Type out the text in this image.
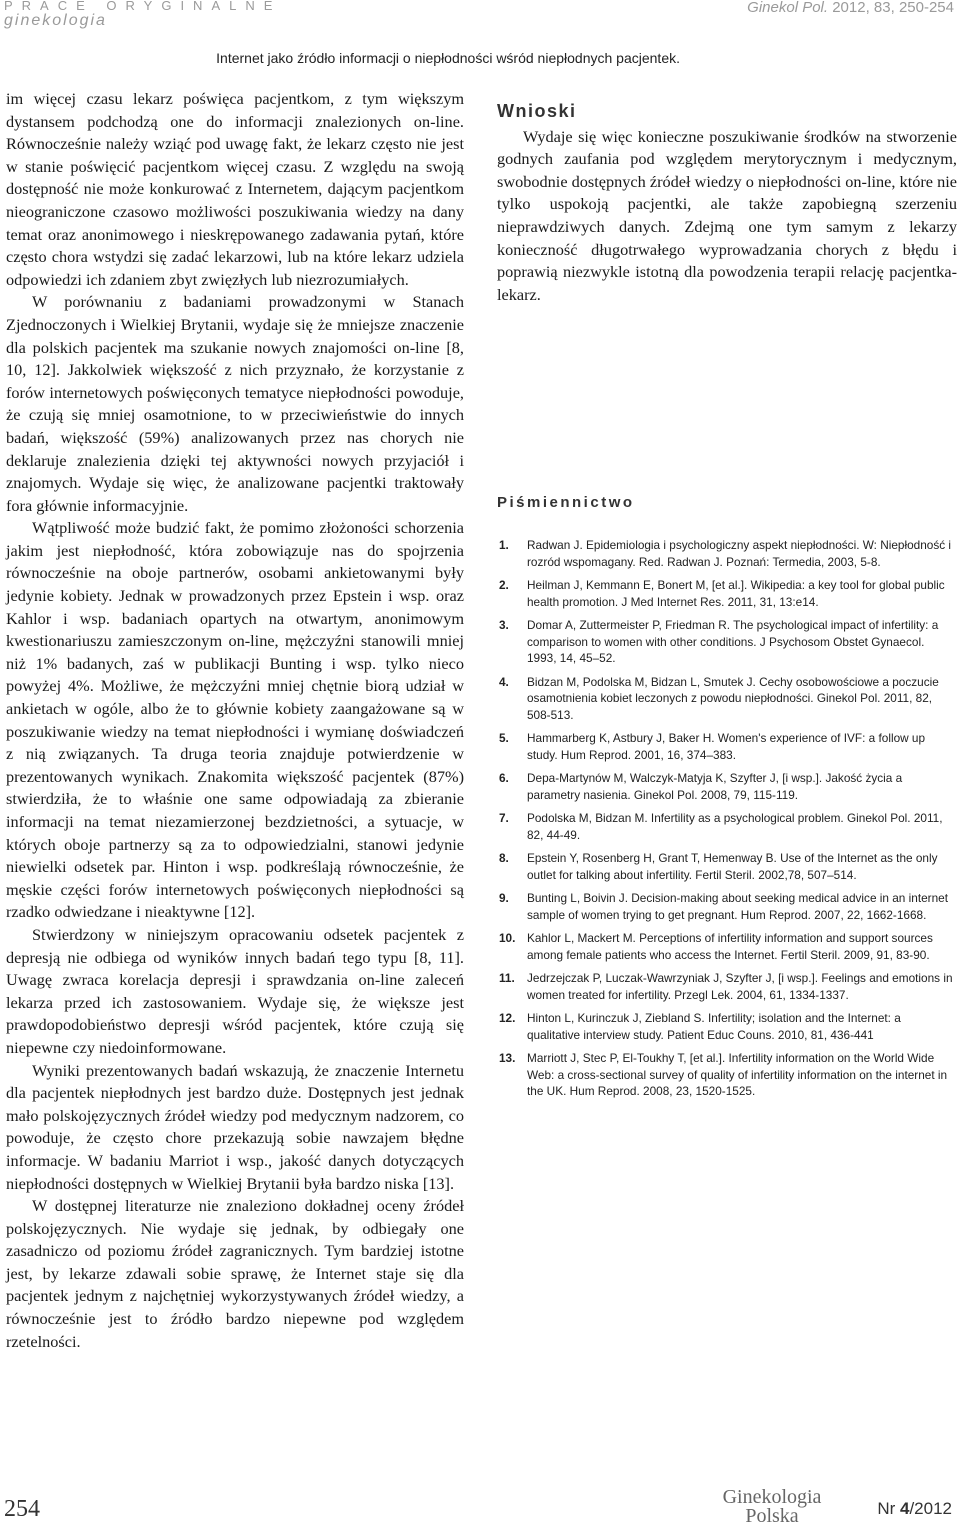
PRACE ORYGINALNE
ginekologia
Ginekol Pol. 2012, 83, 250-254
Internet jako źródło informacji o niepłodności wśród niepłodnych pacjentek.

im więcej czasu lekarz poświęca pacjentkom, z tym większym dystansem podchodzą one do informacji znalezionych on-line. Równocześnie należy wziąć pod uwagę fakt, że lekarz często nie jest w stanie poświęcić pacjentkom więcej czasu. Z względu na swoją dostępność nie może konkurować z Internetem, dającym pacjentkom nieograniczone czasowo możliwości poszukiwania wiedzy na dany temat oraz anonimowego i nieskrępowanego zadawania pytań, które często chora wstydzi się zadać lekarzowi, lub na które lekarz udziela odpowiedzi ich zdaniem zbyt zwięzłych lub niezrozumiałych.

W porównaniu z badaniami prowadzonymi w Stanach Zjednoczonych i Wielkiej Brytanii, wydaje się że mniejsze znaczenie dla polskich pacjentek ma szukanie nowych znajomości on-line [8, 10, 12]. Jakkolwiek większość z nich przyznało, że korzystanie z forów internetowych poświęconych tematyce niepłodności powoduje, że czują się mniej osamotnione, to w przeciwieństwie do innych badań, większość (59%) analizowanych przez nas chorych nie deklaruje znalezienia dzięki tej aktywności nowych przyjaciół i znajomych. Wydaje się więc, że analizowane pacjentki traktowały fora głównie informacyjnie.

Wątpliwość może budzić fakt, że pomimo złożoności schorzenia jakim jest niepłodność, która zobowiązuje nas do spojrzenia równocześnie na oboje partnerów, osobami ankietowanymi były jedynie kobiety. Jednak w prowadzonych przez Epstein i wsp. oraz Kahlor i wsp. badaniach opartych na otwartym, anonimowym kwestionariuszu zamieszczonym on-line, mężczyźni stanowili mniej niż 1% badanych, zaś w publikacji Bunting i wsp. tylko nieco powyżej 4%. Możliwe, że mężczyźni mniej chętnie biorą udział w ankietach w ogóle, albo że to głównie kobiety zaangażowane są w poszukiwanie wiedzy na temat niepłodności i wymianę doświadczeń z nią związanych. Ta druga teoria znajduje potwierdzenie w prezentowanych wynikach. Znakomita większość pacjentek (87%) stwierdziła, że to właśnie one same odpowiadają za zbieranie informacji na temat niezamierzonej bezdzietności, a sytuacje, w których oboje partnerzy są za to odpowiedzialni, stanowi jedynie niewielki odsetek par. Hinton i wsp. podkreślają równocześnie, że męskie części forów internetowych poświęconych niepłodności są rzadko odwiedzane i nieaktywne [12].

Stwierdzony w niniejszym opracowaniu odsetek pacjentek z depresją nie odbiega od wyników innych badań tego typu [8, 11]. Uwagę zwraca korelacja depresji i sprawdzania on-line zaleceń lekarza przed ich zastosowaniem. Wydaje się, że większe jest prawdopodobieństwo depresji wśród pacjentek, które czują się niepewne czy niedoinformowane.

Wyniki prezentowanych badań wskazują, że znaczenie Internetu dla pacjentek niepłodnych jest bardzo duże. Dostępnych jest jednak mało polskojęzycznych źródeł wiedzy pod medycznym nadzorem, co powoduje, że często chore przekazują sobie nawzajem błędne informacje. W badaniu Marriot i wsp., jakość danych dotyczących niepłodności dostępnych w Wielkiej Brytanii była bardzo niska [13].

W dostępnej literaturze nie znaleziono dokładnej oceny źródeł polskojęzycznych. Nie wydaje się jednak, by odbiegały one zasadniczo od poziomu źródeł zagranicznych. Tym bardziej istotne jest, by lekarze zdawali sobie sprawę, że Internet staje się dla pacjentek jednym z najchętniej wykorzystywanych źródeł wiedzy, a równocześnie jest to źródło bardzo niepewne pod względem rzetelności.

Wnioski

Wydaje się więc konieczne poszukiwanie środków na stworzenie godnych zaufania pod względem merytorycznym i medycznym, swobodnie dostępnych źródeł wiedzy o niepłodności on-line, które nie tylko uspokoją pacjentki, ale także zapobiegną szerzeniu nieprawdziwych danych. Zdejmą one tym samym z lekarzy konieczność długotrwałego wyprowadzania chorych z błędu i poprawią niezwykle istotną dla powodzenia terapii relację pacjentka-lekarz.

Piśmiennictwo
1. Radwan J. Epidemiologia i psychologiczny aspekt niepłodności. W: Niepłodność i rozród wspomagany. Red. Radwan J. Poznań: Termedia, 2003, 5-8.
2. Heilman J, Kemmann E, Bonert M, [et al.]. Wikipedia: a key tool for global public health promotion. J Med Internet Res. 2011, 31, 13:e14.
3. Domar A, Zuttermeister P, Friedman R. The psychological impact of infertility: a comparison to women with other conditions. J Psychosom Obstet Gynaecol. 1993, 14, 45–52.
4. Bidzan M, Podolska M, Bidzan L, Smutek J. Cechy osobowościowe a poczucie osamotnienia kobiet leczonych z powodu niepłodności. Ginekol Pol. 2011, 82, 508-513.
5. Hammarberg K, Astbury J, Baker H. Women's experience of IVF: a follow up study. Hum Reprod. 2001, 16, 374–383.
6. Depa-Martynów M, Walczyk-Matyja K, Szyfter J, [i wsp.]. Jakość życia a parametry nasienia. Ginekol Pol. 2008, 79, 115-119.
7. Podolska M, Bidzan M. Infertility as a psychological problem. Ginekol Pol. 2011, 82, 44-49.
8. Epstein Y, Rosenberg H, Grant T, Hemenway B. Use of the Internet as the only outlet for talking about infertility. Fertil Steril. 2002,78, 507–514.
9. Bunting L, Boivin J. Decision-making about seeking medical advice in an internet sample of women trying to get pregnant. Hum Reprod. 2007, 22, 1662-1668.
10. Kahlor L, Mackert M. Perceptions of infertility information and support sources among female patients who access the Internet. Fertil Steril. 2009, 91, 83-90.
11. Jedrzejczak P, Luczak-Wawrzyniak J, Szyfter J, [i wsp.]. Feelings and emotions in women treated for infertility. Przegl Lek. 2004, 61, 1334-1337.
12. Hinton L, Kurinczuk J, Ziebland S. Infertility; isolation and the Internet: a qualitative interview study. Patient Educ Couns. 2010, 81, 436-441
13. Marriott J, Stec P, El-Toukhy T, [et al.]. Infertility information on the World Wide Web: a cross-sectional survey of quality of infertility information on the internet in the UK. Hum Reprod. 2008, 23, 1520-1525.
254	Ginekologia
Polska	Nr 4/2012
